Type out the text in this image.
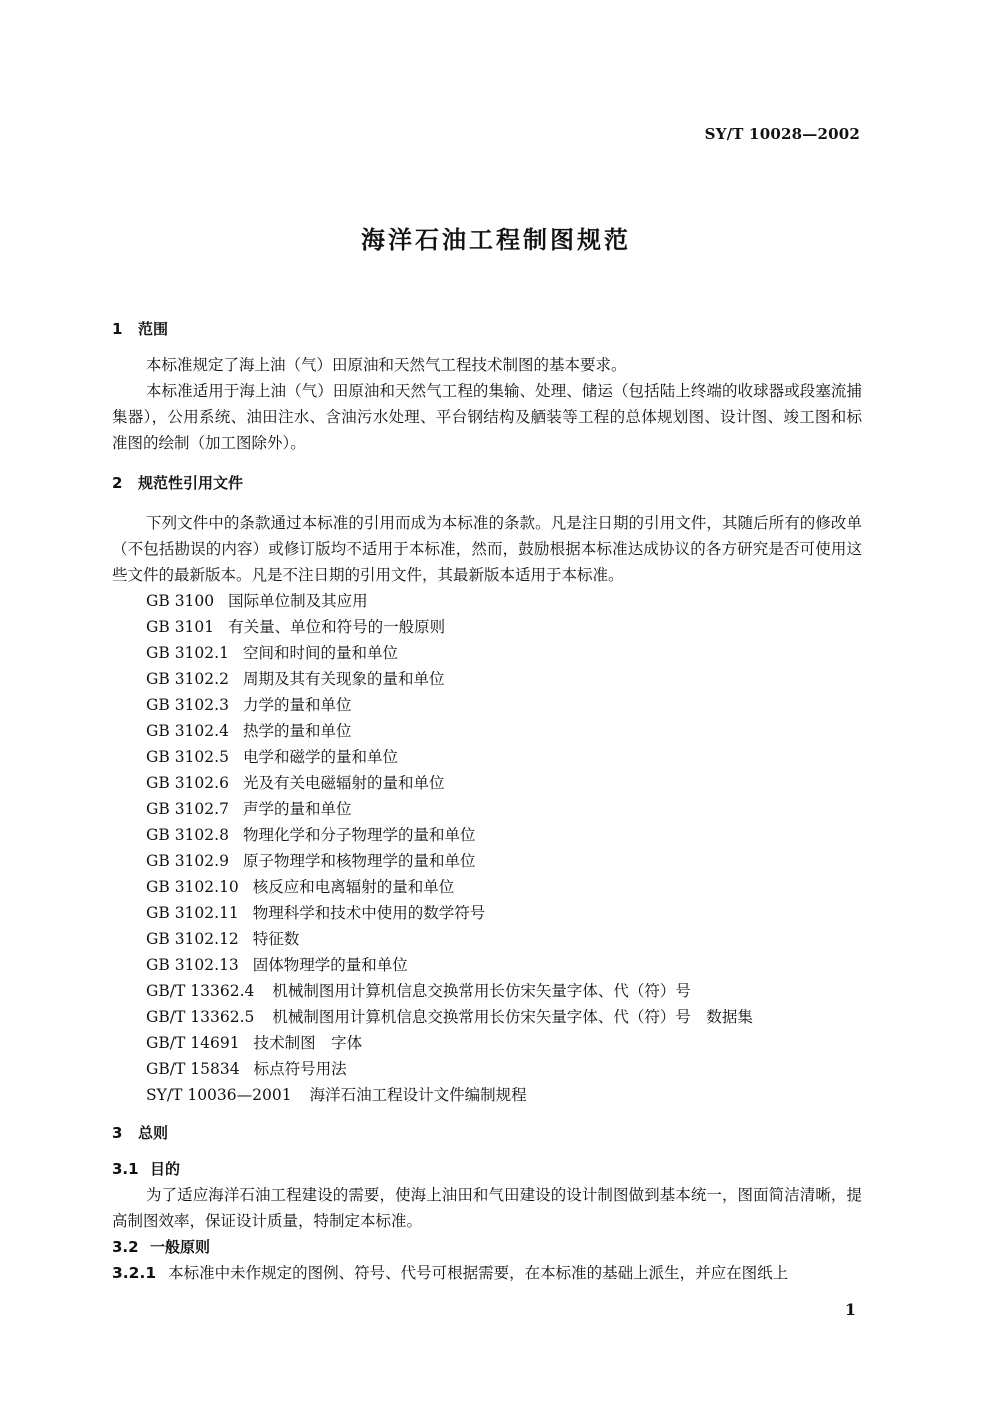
SY/T 10028—2002
海洋石油工程制图规范
1 范围

本标准规定了海上油（气）田原油和天然气工程技术制图的基本要求。

本标准适用于海上油（气）田原油和天然气工程的集输、处理、储运（包括陆上终端的收球器或段塞流捕集器），公用系统、油田注水、含油污水处理、平台钢结构及舾装等工程的总体规划图、设计图、竣工图和标准图的绘制（加工图除外）。

2 规范性引用文件

下列文件中的条款通过本标准的引用而成为本标准的条款。凡是注日期的引用文件，其随后所有的修改单（不包括勘误的内容）或修订版均不适用于本标准，然而，鼓励根据本标准达成协议的各方研究是否可使用这些文件的最新版本。凡是不注日期的引用文件，其最新版本适用于本标准。

GB 3100 国际单位制及其应用
GB 3101 有关量、单位和符号的一般原则
GB 3102.1 空间和时间的量和单位
GB 3102.2 周期及其有关现象的量和单位
GB 3102.3 力学的量和单位
GB 3102.4 热学的量和单位
GB 3102.5 电学和磁学的量和单位
GB 3102.6 光及有关电磁辐射的量和单位
GB 3102.7 声学的量和单位
GB 3102.8 物理化学和分子物理学的量和单位
GB 3102.9 原子物理学和核物理学的量和单位
GB 3102.10 核反应和电离辐射的量和单位
GB 3102.11 物理科学和技术中使用的数学符号
GB 3102.12 特征数
GB 3102.13 固体物理学的量和单位
GB/T 13362.4 机械制图用计算机信息交换常用长仿宋矢量字体、代（符）号
GB/T 13362.5 机械制图用计算机信息交换常用长仿宋矢量字体、代（符）号　数据集
GB/T 14691 技术制图　字体
GB/T 15834 标点符号用法
SY/T 10036—2001 海洋石油工程设计文件编制规程
3 总则
3.1 目的

为了适应海洋石油工程建设的需要，使海上油田和气田建设的设计制图做到基本统一，图面简洁清晰，提高制图效率，保证设计质量，特制定本标准。

3.2 一般原则

3.2.1 本标准中未作规定的图例、符号、代号可根据需要，在本标准的基础上派生，并应在图纸上

1
